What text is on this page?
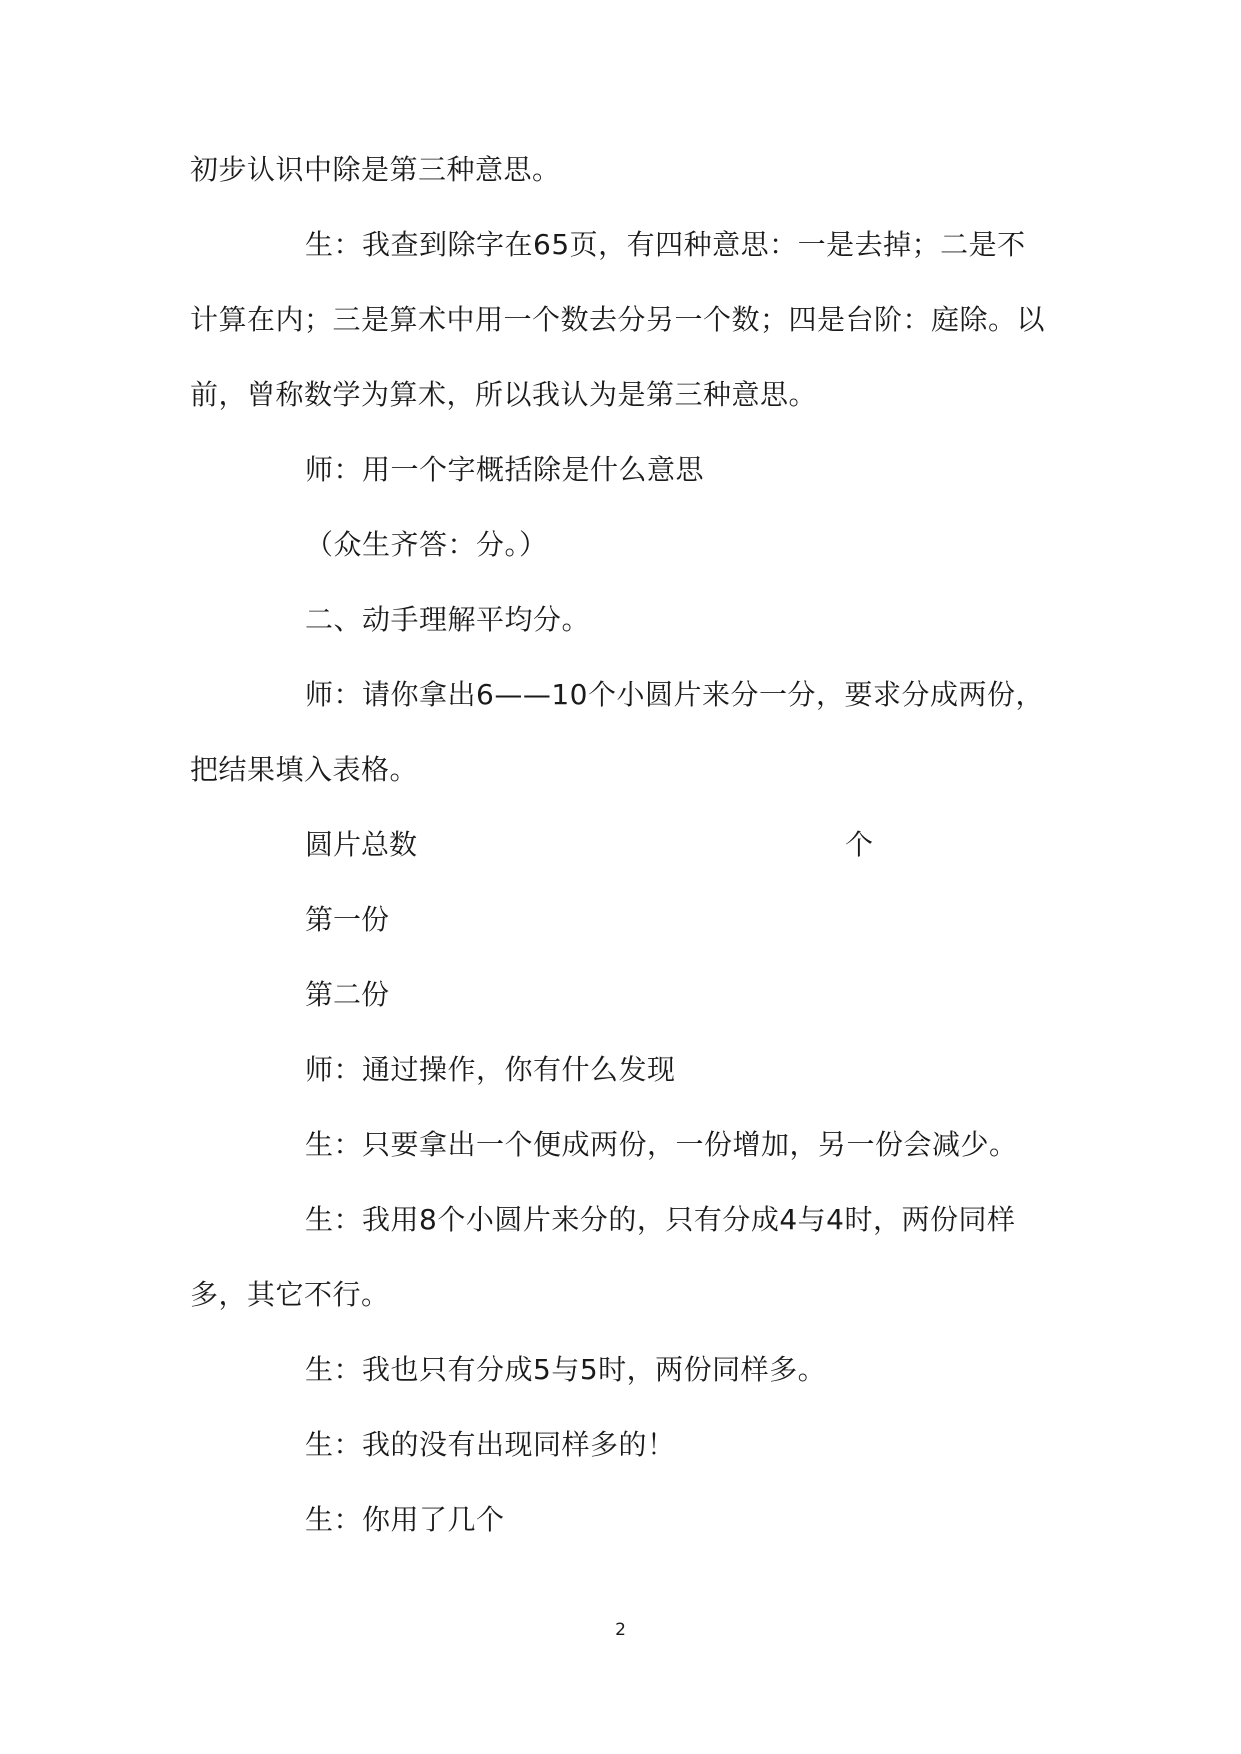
初步认识中除是第三种意思。
生：我查到除字在65页，有四种意思：一是去掉；二是不
计算在内；三是算术中用一个数去分另一个数；四是台阶：庭除。以
前，曾称数学为算术，所以我认为是第三种意思。
师：用一个字概括除是什么意思
（众生齐答：分。）
二、动手理解平均分。
师：请你拿出6——10个小圆片来分一分，要求分成两份，
把结果填入表格。
圆片总数	个
第一份
第二份
师：通过操作，你有什么发现
生：只要拿出一个便成两份，一份增加，另一份会减少。
生：我用8个小圆片来分的，只有分成4与4时，两份同样
多，其它不行。
生：我也只有分成5与5时，两份同样多。
生：我的没有出现同样多的！
生：你用了几个
2
